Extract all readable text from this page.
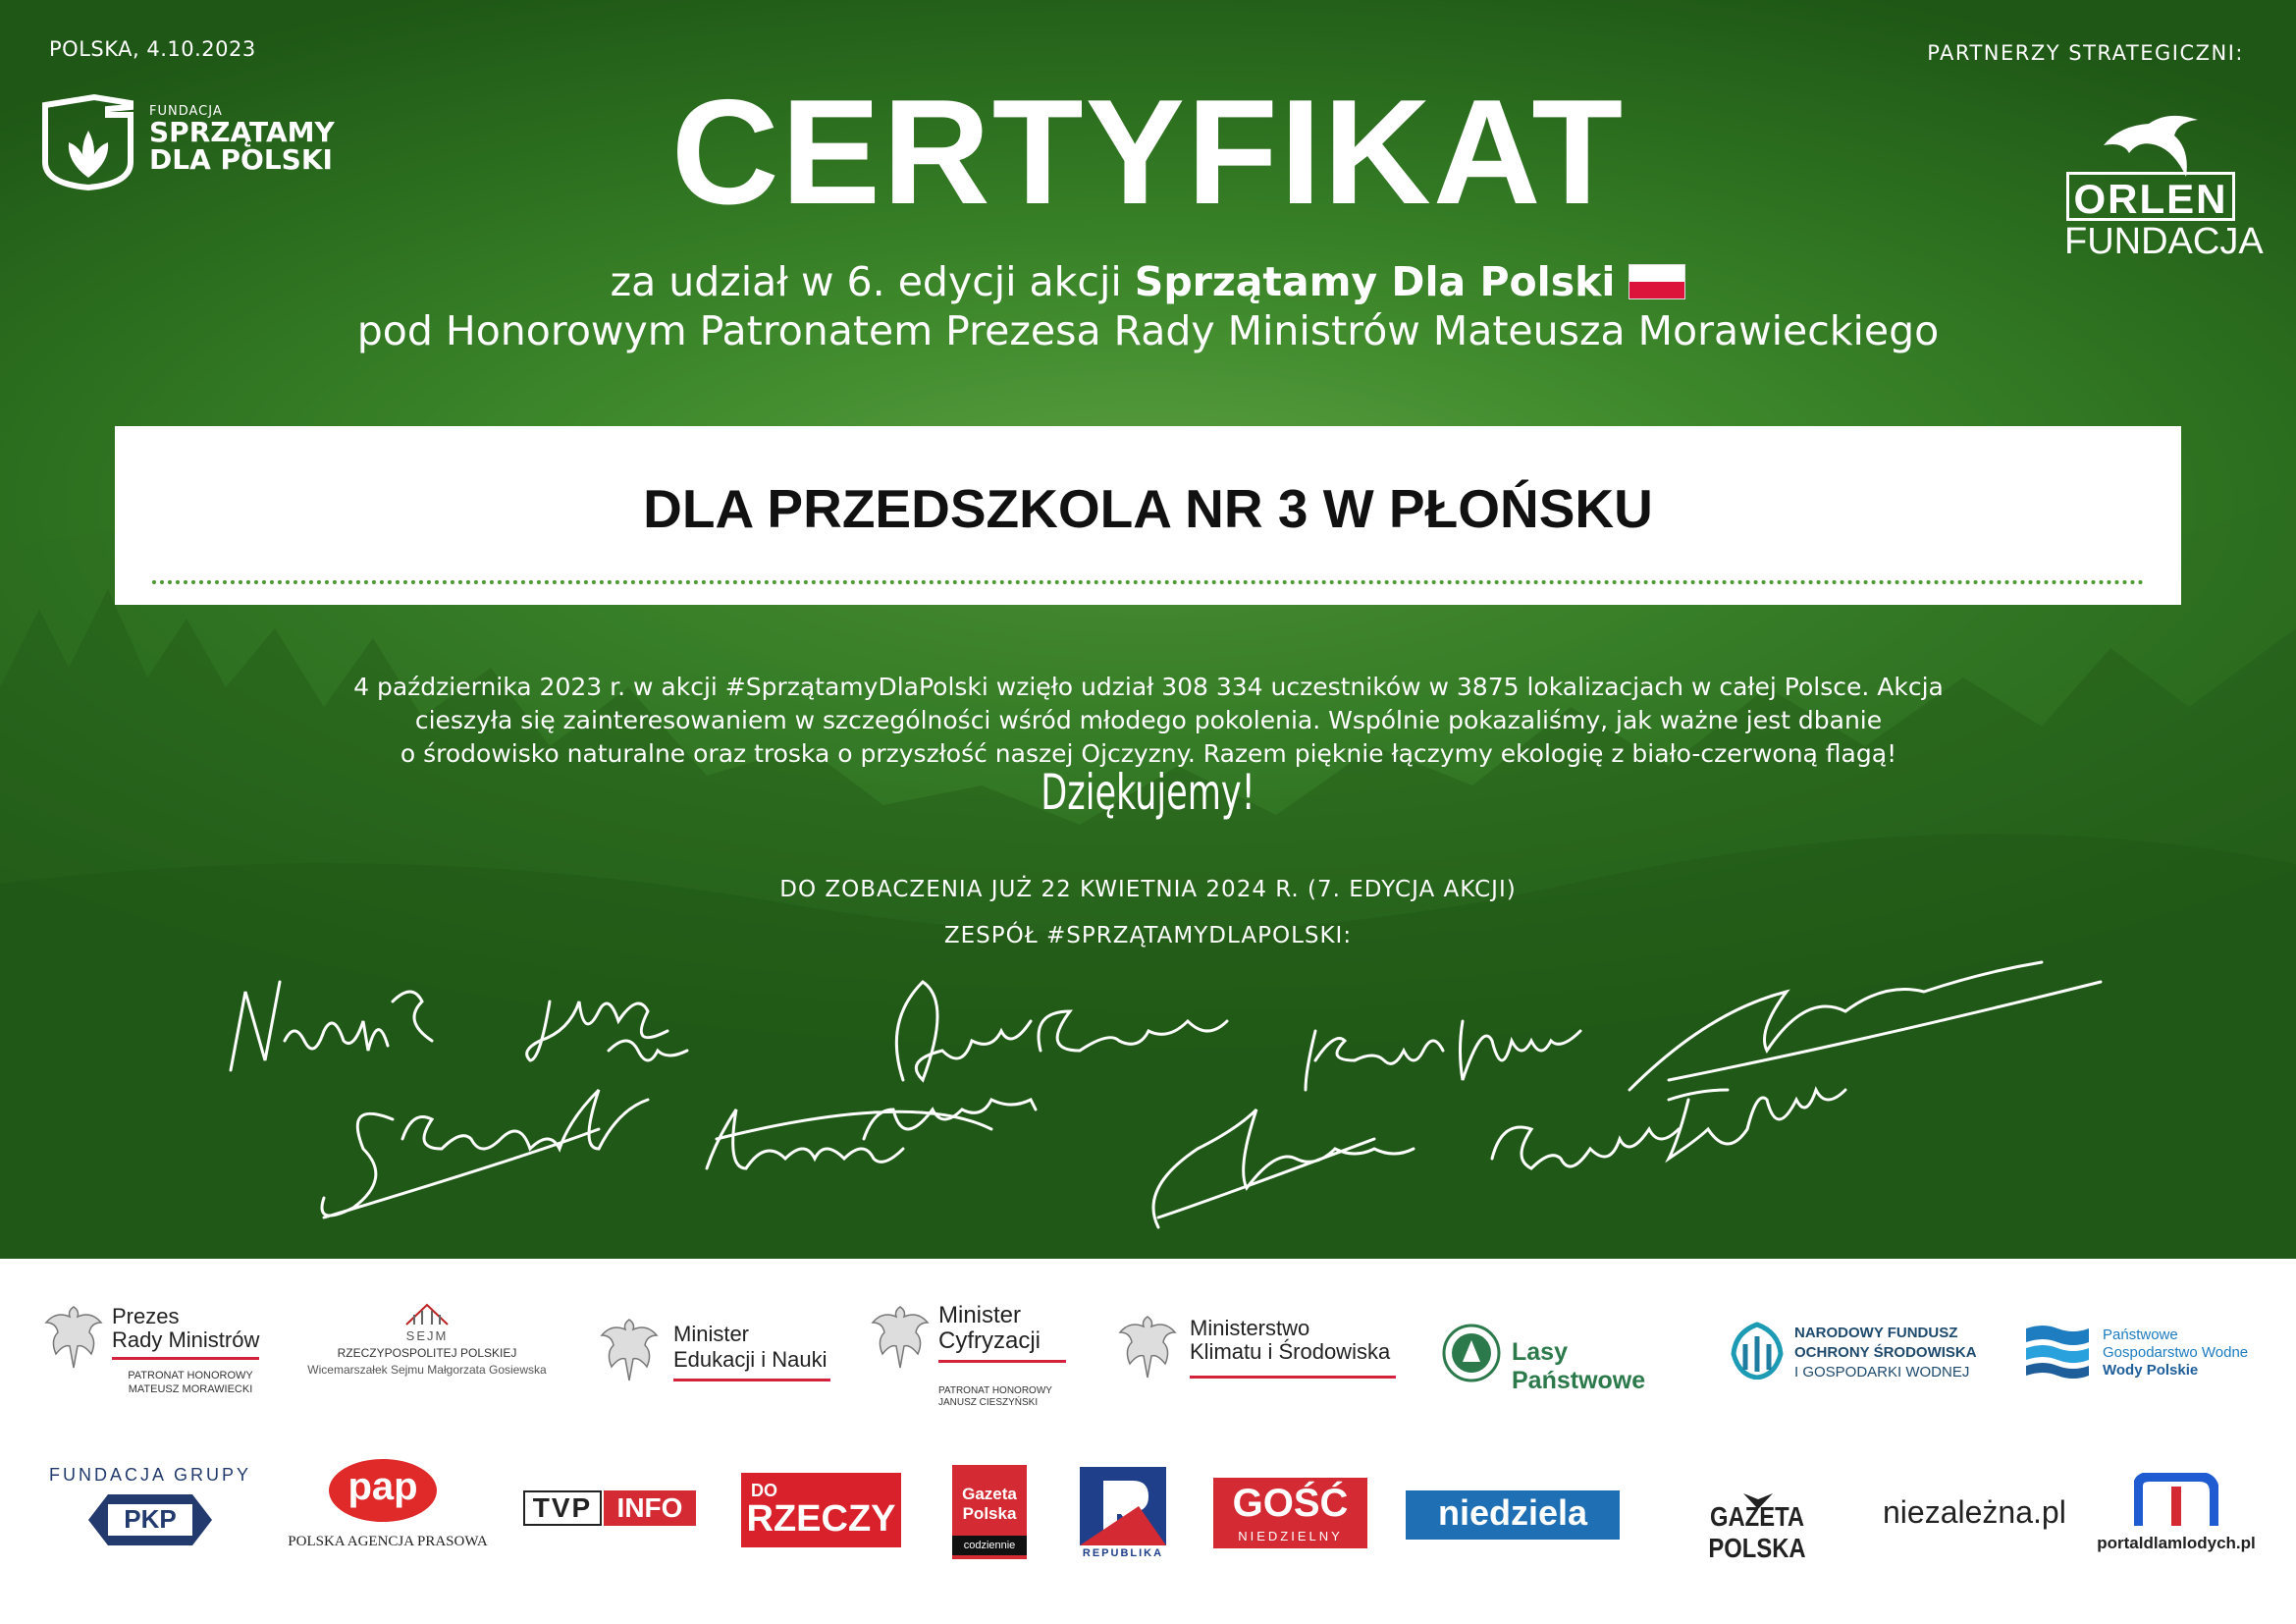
POLSKA, 4.10.2023	PARTNERZY STRATEGICZNI:
FUNDACJA
SPRZĄTAMY
DLA POLSKI	CERTYFIKAT
za udział w 6. edycji akcji Sprzątamy Dla Polski
pod Honorowym Patronatem Prezesa Rady Ministrów Mateusza Morawieckiego
ORLEN
FUNDACJA
DLA PRZEDSZKOLA NR 3 W PŁOŃSKU
4 października 2023 r. w akcji #SprzątamyDlaPolski wzięło udział 308 334 uczestników w 3875 lokalizacjach w całej Polsce. Akcja
cieszyła się zainteresowaniem w szczególności wśród młodego pokolenia. Wspólnie pokazaliśmy, jak ważne jest dbanie
o środowisko naturalne oraz troska o przyszłość naszej Ojczyzny. Razem pięknie łączymy ekologię z biało-czerwoną flagą!
Dziękujemy!
DO ZOBACZENIA JUŻ 22 KWIETNIA 2024 R. (7. EDYCJA AKCJI)
ZESPÓŁ #SPRZĄTAMYDLAPOLSKI:
Prezes
Rady Ministrów
PATRONAT HONOROWY
MATEUSZ MORAWIECKI
SEJM
RZECZYPOSPOLITEJ POLSKIEJ
Wicemarszałek Sejmu Małgorzata Gosiewska
Minister
Edukacji i Nauki
Minister
Cyfryzacji
PATRONAT HONOROWY
JANUSZ CIESZYŃSKI
Ministerstwo
Klimatu i Środowiska	Lasy Państwowe
NARODOWY FUNDUSZ
OCHRONY ŚRODOWISKA
I GOSPODARKI WODNEJ
Państwowe
Gospodarstwo Wodne
Wody Polskie
FUNDACJA GRUPY
PKP
pap
POLSKA AGENCJA PRASOWA
TVP INFO
DO
RZECZY
Gazeta
Polska
codziennie
REPUBLIKA
GOŚĆ
NIEDZIELNY
niedziela	GAZETA POLSKA
niezależna.pl
portaldlamlodych.pl
